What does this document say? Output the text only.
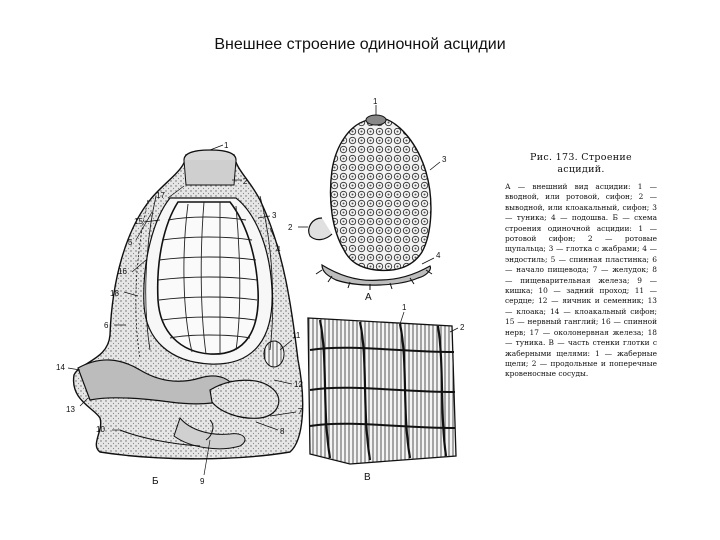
Внешнее строение одиночной асцидии
1
3
2
4
А
1
2
3
4
5
6
7
8
9
10
11
12
13
14
15
16
17
18
Б
1
2
В
Рис. 173. Строение асцидий.
А — внешний вид асцидии: 1 — вводной, или ротовой, сифон; 2 — выводной, или клоакальный, сифон; 3 — туника; 4 — подошва. Б — схема строения одиночной асцидии: 1 — ротовой сифон; 2 — ротовые щупальца; 3 — глотка с жабрами; 4 — эндостиль; 5 — спинная пластинка; 6 — начало пищевода; 7 — желудок; 8 — пищеварительная железа; 9 — кишка; 10 — задний проход; 11 — сердце; 12 — яичник и семенник; 13 — клоака; 14 — клоакальный сифон; 15 — нервный ганглий; 16 — спинной нерв; 17 — околонервная железа; 18 — туника. В — часть стенки глотки с жаберными щелями: 1 — жаберные щели; 2 — продольные и поперечные кровеносные сосуды.
